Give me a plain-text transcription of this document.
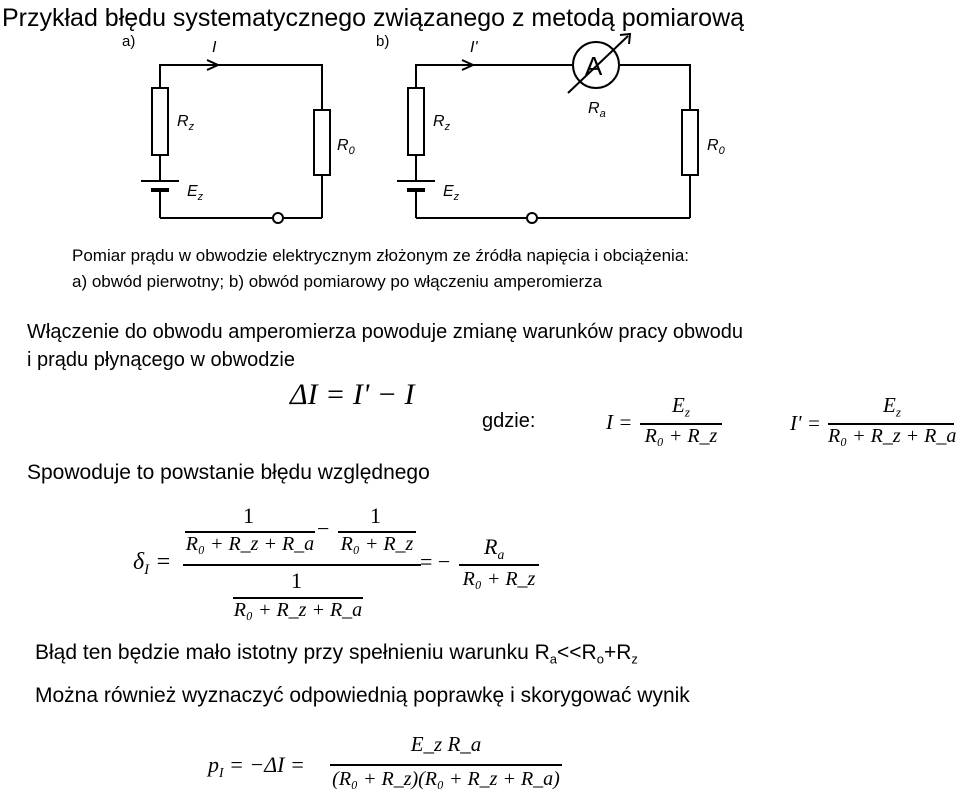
Przykład błędu systematycznego związanego z metodą pomiarową
a)	I
$R_z$
$R_0$
$E_z$
b)	I'
A
$R_a$
$R_z$
$R_0$
$E_z$
Pomiar prądu w obwodzie elektrycznym złożonym ze źródła napięcia i obciążenia:
a) obwód pierwotny; b) obwód pomiarowy po włączeniu amperomierza
Włączenie do obwodu amperomierza powoduje zmianę warunków pracy obwodu
i prądu płynącego w obwodzie
ΔI = I' − I
gdzie:	I =
$E_z$
R₀ + R_z
I' =
$E_z$
R₀ + R_z + R_a
Spowoduje to powstanie błędu względnego
$\delta_I$ =
1
R₀ + R_z + R_a
−
1
R₀ + R_z
1
R₀ + R_z + R_a
= −
$R_a$
R₀ + R_z
Błąd ten będzie mało istotny przy spełnieniu warunku $R_a<<R_o+R_z$
Można również wyznaczyć odpowiednią poprawkę i skorygować wynik
$p_I = -\Delta I$ =
E_z R_a
(R₀ + R_z)(R₀ + R_z + R_a)
